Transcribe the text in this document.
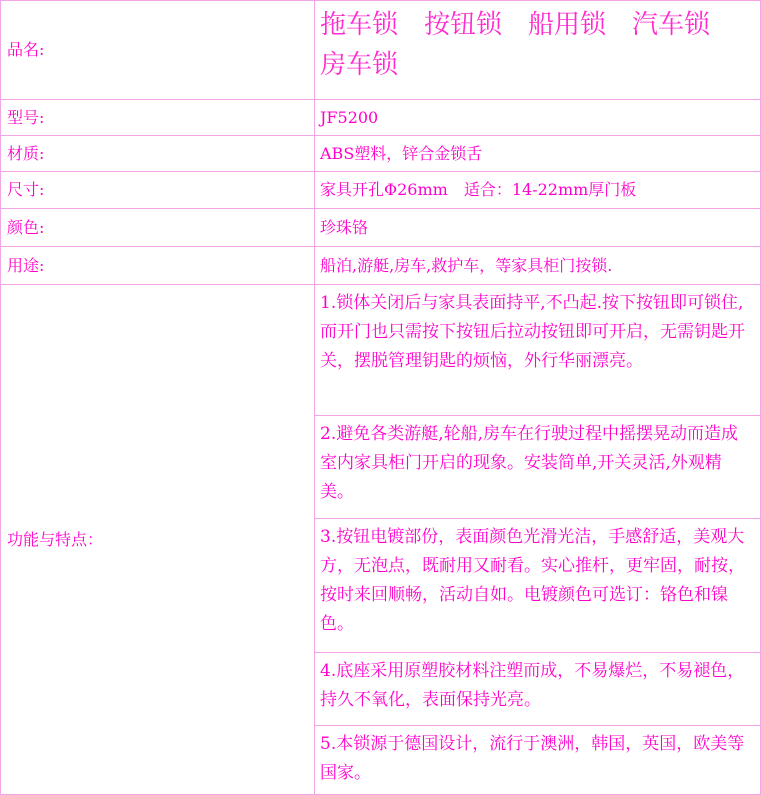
品名:
拖车锁　按钮锁　船用锁　汽车锁　房车锁
型号:	JF5200
材质:	ABS塑料，锌合金锁舌
尺寸:	家具开孔Φ26mm　适合：14-22mm厚门板
颜色:	珍珠铬
用途:	船泊,游艇,房车,救护车，等家具柜门按锁.
功能与特点：
1.锁体关闭后与家具表面持平,不凸起.按下按钮即可锁住,而开门也只需按下按钮后拉动按钮即可开启，无需钥匙开关，摆脱管理钥匙的烦恼，外行华丽漂亮。
2.避免各类游艇,轮船,房车在行驶过程中摇摆晃动而造成室内家具柜门开启的现象。安装简单,开关灵活,外观精美。
3.按钮电镀部份，表面颜色光滑光洁，手感舒适，美观大方，无泡点，既耐用又耐看。实心推杆，更牢固，耐按，按时来回顺畅，活动自如。电镀颜色可选订：铬色和镍色。
4.底座采用原塑胶材料注塑而成，不易爆烂，不易褪色，持久不氧化，表面保持光亮。
5.本锁源于德国设计，流行于澳洲，韩国，英国，欧美等国家。
